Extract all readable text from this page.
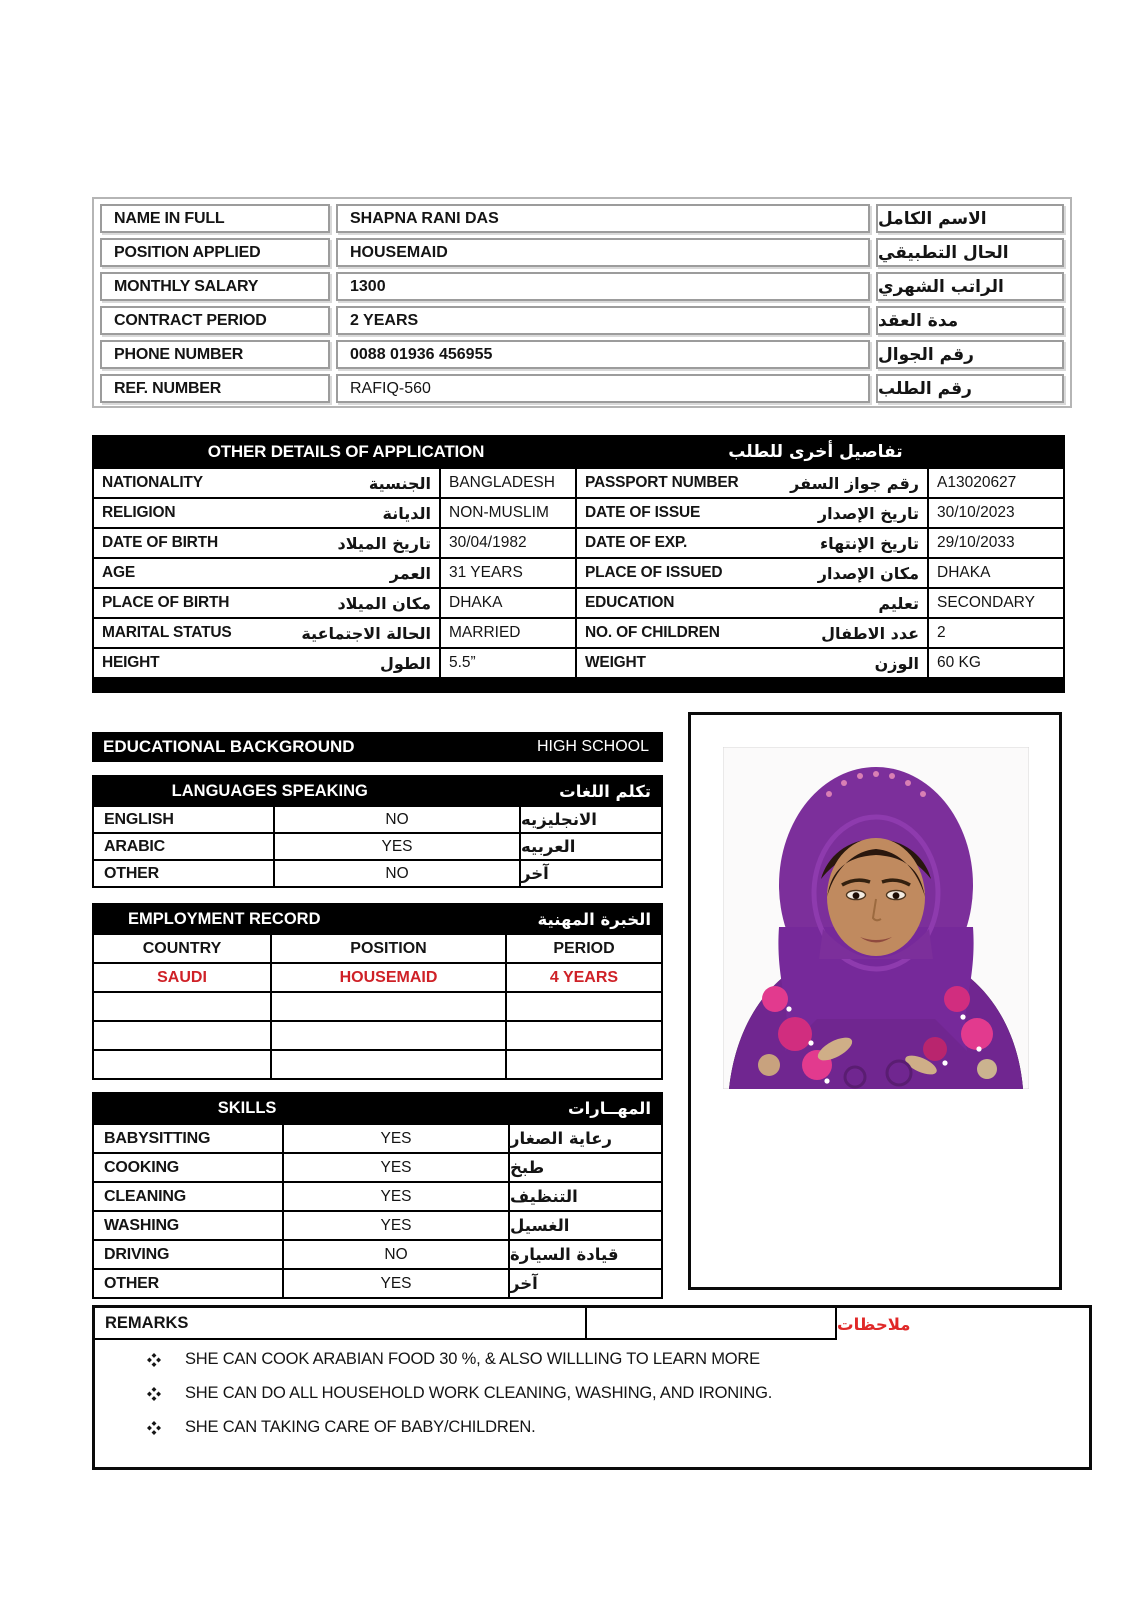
NAME IN FULL	SHAPNA RANI DAS	الاسم الكامل
POSITION APPLIED	HOUSEMAID	الحال التطبيقي
MONTHLY SALARY	1300	الراتب الشهري
CONTRACT PERIOD	2 YEARS	مدة العقد
PHONE NUMBER	0088 01936 456955	رقم الجوال
REF. NUMBER	RAFIQ-560	رقم الطلب
OTHER DETAILS OF APPLICATION	تفاصيل أخرى للطلب
NATIONALITY	الجنسية	BANGLADESH	PASSPORT NUMBER	رقم جواز السفر	A13020627
RELIGION	الديانة	NON-MUSLIM	DATE OF ISSUE	تاريخ الإصدار	30/10/2023
DATE OF BIRTH	تاريخ الميلاد	30/04/1982	DATE OF EXP.	تاريخ الإنتهاء	29/10/2033
AGE	العمر	31 YEARS	PLACE OF ISSUED	مكان الإصدار	DHAKA
PLACE OF BIRTH	مكان الميلاد	DHAKA	EDUCATION	تعليم	SECONDARY
MARITAL STATUS	الحالة الاجتماعية	MARRIED	NO. OF CHILDREN	عدد الاطفال	2
HEIGHT	الطول	5.5”	WEIGHT	الوزن	60 KG
EDUCATIONAL BACKGROUND	HIGH SCHOOL
LANGUAGES SPEAKING	تكلم اللغات
ENGLISH	NO	الانجليزيه
ARABIC	YES	العربيه
OTHER	NO	آخر
EMPLOYMENT RECORD	الخبرة المهنية
COUNTRY	POSITION	PERIOD
SAUDI	HOUSEMAID	4 YEARS
SKILLS	المهــارات
BABYSITTING	YES	رعاية الصغار
COOKING	YES	طبخ
CLEANING	YES	التنظيف
WASHING	YES	الغسيل
DRIVING	NO	قيادة السيارة
OTHER	YES	آخر
REMARKS	ملاحظات
SHE CAN COOK ARABIAN FOOD 30 %, & ALSO WILLLING TO LEARN MORE
SHE CAN DO ALL HOUSEHOLD WORK CLEANING, WASHING, AND IRONING.
SHE CAN TAKING CARE OF BABY/CHILDREN.
